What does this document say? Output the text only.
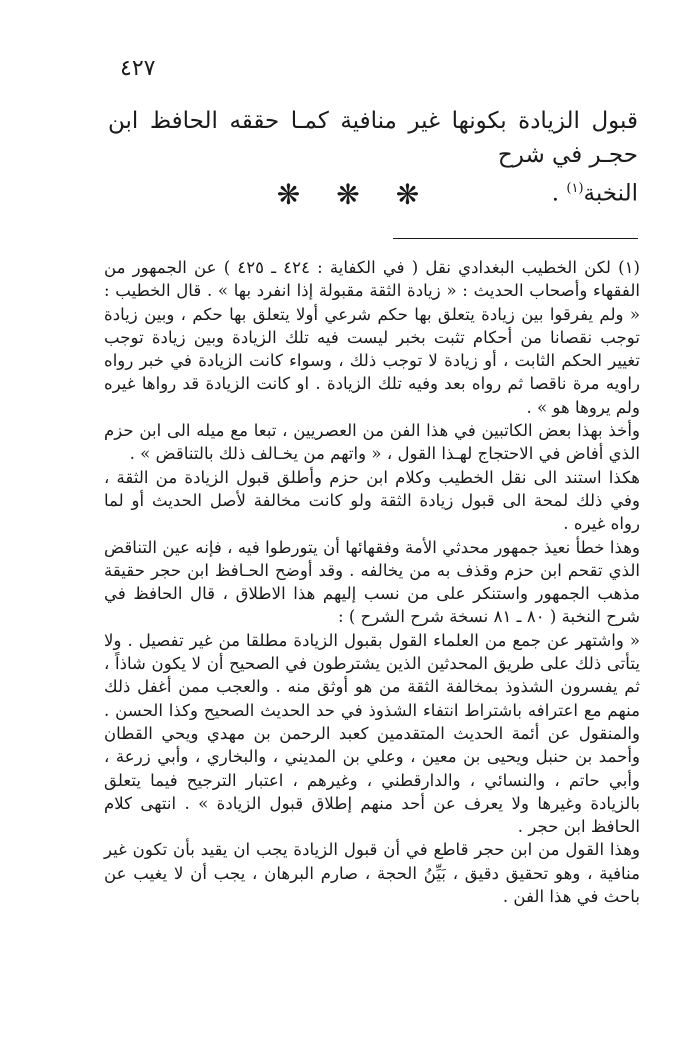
٤٢٧
قبول الزيادة بكونها غير منافية كمـا حققه الحافظ ابن حجـر في شرح
النخبة$^{(١)}$ .
❋ ❋ ❋

(١) لكن الخطيب البغدادي نقل ( في الكفاية : ٤٢٤ ـ ٤٢٥ ) عن الجمهور من الفقهاء وأصحاب الحديث : « زيادة الثقة مقبولة إذا انفرد بها » . قال الخطيب : « ولم يفرقوا بين زيادة يتعلق بها حكم شرعي أولا يتعلق بها حكم ، وبين زيادة توجب نقصانا من أحكام تثبت بخبر ليست فيه تلك الزيادة وبين زيادة توجب تغيير الحكم الثابت ، أو زيادة لا توجب ذلك ، وسواء كانت الزيادة في خبر رواه راويه مرة ناقصا ثم رواه بعد وفيه تلك الزيادة . او كانت الزيادة قد رواها غيره ولم يروها هو » .

وأخذ بهذا بعض الكاتبين في هذا الفن من العصريين ، تبعا مع ميله الى ابن حزم الذي أفاض في الاحتجاج لهـذا القول ، « واتهم من يخـالف ذلك بالتناقض » .

هكذا استند الى نقل الخطيب وكلام ابن حزم وأطلق قبول الزيادة من الثقة ، وفي ذلك لمحة الى قبول زيادة الثقة ولو كانت مخالفة لأصل الحديث أو لما رواه غيره .

وهذا خطأ نعيذ جمهور محدثي الأمة وفقهائها أن يتورطوا فيه ، فإنه عين التناقض الذي تقحم ابن حزم وقذف به من يخالفه . وقد أوضح الحـافظ ابن حجر حقيقة مذهب الجمهور واستنكر على من نسب إليهم هذا الاطلاق ، قال الحافظ في شرح النخبة ( ٨٠ ـ ٨١ نسخة شرح الشرح ) :

« واشتهر عن جمع من العلماء القول بقبول الزيادة مطلقا من غير تفصيل . ولا يتأتى ذلك على طريق المحدثين الذين يشترطون في الصحيح أن لا يكون شاذاً ، ثم يفسرون الشذوذ بمخالفة الثقة من هو أوثق منه . والعجب ممن أغفل ذلك منهم مع اعترافه باشتراط انتفاء الشذوذ في حد الحديث الصحيح وكذا الحسن . والمنقول عن أئمة الحديث المتقدمين كعبد الرحمن بن مهدي ويحي القطان وأحمد بن حنبل ويحيى بن معين ، وعلي بن المديني ، والبخاري ، وأبي زرعة ، وأبي حاتم ، والنسائي ، والدارقطني ، وغيرهم ، اعتبار الترجيح فيما يتعلق بالزيادة وغيرها ولا يعرف عن أحد منهم إطلاق قبول الزيادة » . انتهى كلام الحافظ ابن حجر .

وهذا القول من ابن حجر قاطع في أن قبول الزيادة يجب ان يقيد بأن تكون غير منافية ، وهو تحقيق دقيق ، بَيِّنُ الحجة ، صارم البرهان ، يجب أن لا يغيب عن باحث في هذا الفن .
